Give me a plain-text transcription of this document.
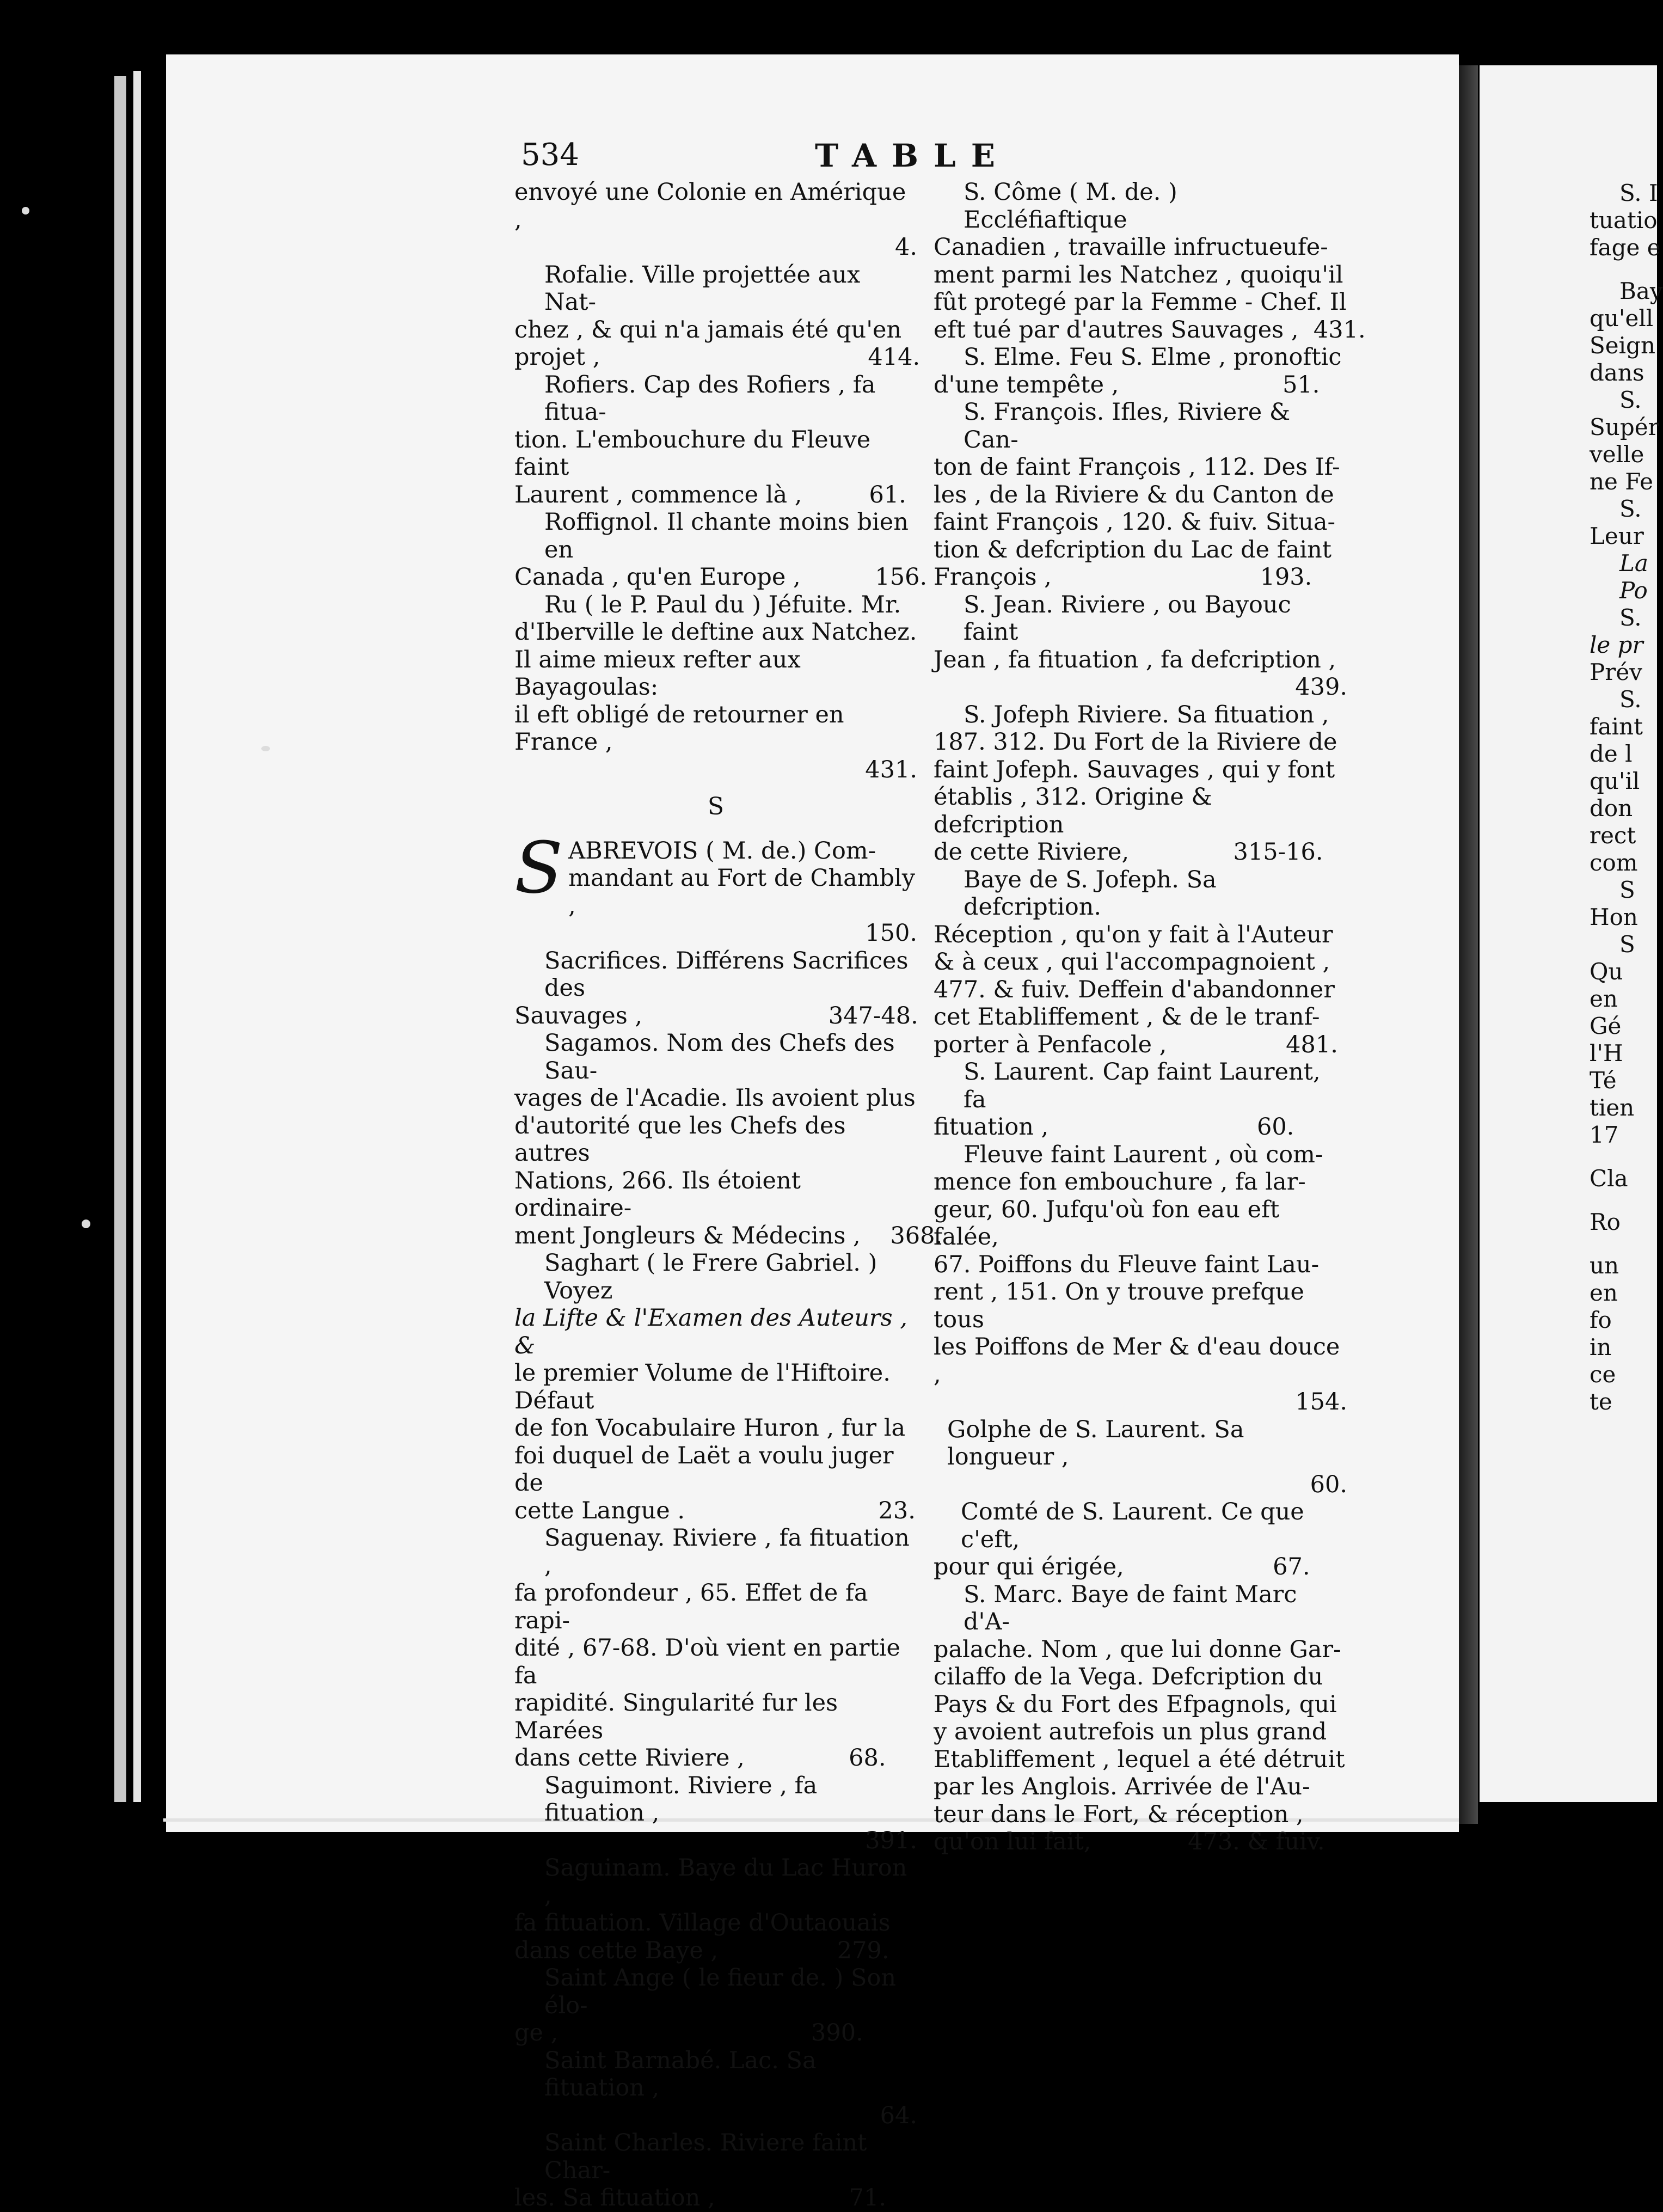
534	TABLE
envoyé une Colonie en Amérique ,
4.
Rofalie. Ville projettée aux Nat-
chez , & qui n'a jamais été qu'en
projet ,                                    414.
Rofiers. Cap des Rofiers , fa fitua-
tion. L'embouchure du Fleuve faint
Laurent , commence là ,         61.
Roffignol. Il chante moins bien en
Canada , qu'en Europe ,          156.
Ru ( le P. Paul du ) Jéfuite. Mr.
d'Iberville le deftine aux Natchez.
Il aime mieux refter aux Bayagoulas:
il eft obligé de retourner en France ,
431.
S
S ABREVOIS ( M. de.) Com-
mandant au Fort de Chambly ,
150.
Sacrifices. Différens Sacrifices des
Sauvages ,                         347-48.
Sagamos. Nom des Chefs des Sau-
vages de l'Acadie. Ils avoient plus
d'autorité que les Chefs des autres
Nations, 266. Ils étoient ordinaire-
ment Jongleurs & Médecins ,    368.
Saghart ( le Frere Gabriel. ) Voyez
la Lifte & l'Examen des Auteurs , &
le premier Volume de l'Hiftoire. Défaut
de fon Vocabulaire Huron , fur la
foi duquel de Laët a voulu juger de
cette Langue .                          23.
Saguenay. Riviere , fa fituation ,
fa profondeur , 65. Effet de fa rapi-
dité , 67-68. D'où vient en partie fa
rapidité. Singularité fur les Marées
dans cette Riviere ,              68.
Saguimont. Riviere , fa fituation ,
391.
Saguinam. Baye du Lac Huron ,
fa fituation. Village d'Outaouais
dans cette Baye ,                279.
Saint Ange ( le fieur de. ) Son élo-
ge ,                                  390.
Saint Barnabé. Lac. Sa fituation ,
64.
Saint Charles. Riviere faint Char-
les. Sa fituation ,                  71.
S. Côme ( M. de. ) Eccléfiaftique
Canadien , travaille infructueufe-
ment parmi les Natchez , quoiqu'il
fût protegé par la Femme - Chef. Il
eft tué par d'autres Sauvages ,  431.
S. Elme. Feu S. Elme , pronoftic
d'une tempête ,                      51.
S. François. Ifles, Riviere & Can-
ton de faint François , 112. Des If-
les , de la Riviere & du Canton de
faint François , 120. & fuiv. Situa-
tion & defcription du Lac de faint
François ,                            193.
S. Jean. Riviere , ou Bayouc faint
Jean , fa fituation , fa defcription ,
439.
S. Jofeph Riviere. Sa fituation ,
187. 312. Du Fort de la Riviere de
faint Jofeph. Sauvages , qui y font
établis , 312. Origine & defcription
de cette Riviere,              315-16.
Baye de S. Jofeph. Sa defcription.
Réception , qu'on y fait à l'Auteur
& à ceux , qui l'accompagnoient ,
477. & fuiv. Deffein d'abandonner
cet Etabliffement , & de le tranf-
porter à Penfacole ,                481.
S. Laurent. Cap faint Laurent, fa
fituation ,                            60.
Fleuve faint Laurent , où com-
mence fon embouchure , fa lar-
geur, 60. Jufqu'où fon eau eft falée,
67. Poiffons du Fleuve faint Lau-
rent , 151. On y trouve prefque tous
les Poiffons de Mer & d'eau douce ,
154.
Golphe de S. Laurent. Sa longueur ,
60.
Comté de S. Laurent. Ce que c'eft,
pour qui érigée,                    67.
S. Marc. Baye de faint Marc d'A-
palache. Nom , que lui donne Gar-
cilaffo de la Vega. Defcription du
Pays & du Fort des Efpagnols, qui
y avoient autrefois un plus grand
Etabliffement , lequel a été détruit
par les Anglois. Arrivée de l'Au-
teur dans le Fort, & réception ,
qu'on lui fait,             473. & fuiv.
S. I
tuatio
fage e
Bay
qu'ell
Seign
dans
S.
Supér
velle
ne Fe
S.
Leur
La
Po
S.
le pr
Prév
S.
faint
de l
qu'il
don
rect
com
S
Hon
S
Qu
en
Gé
l'H
Té
tien
17
Cla
Ro
un
en
fo
in
ce
te
